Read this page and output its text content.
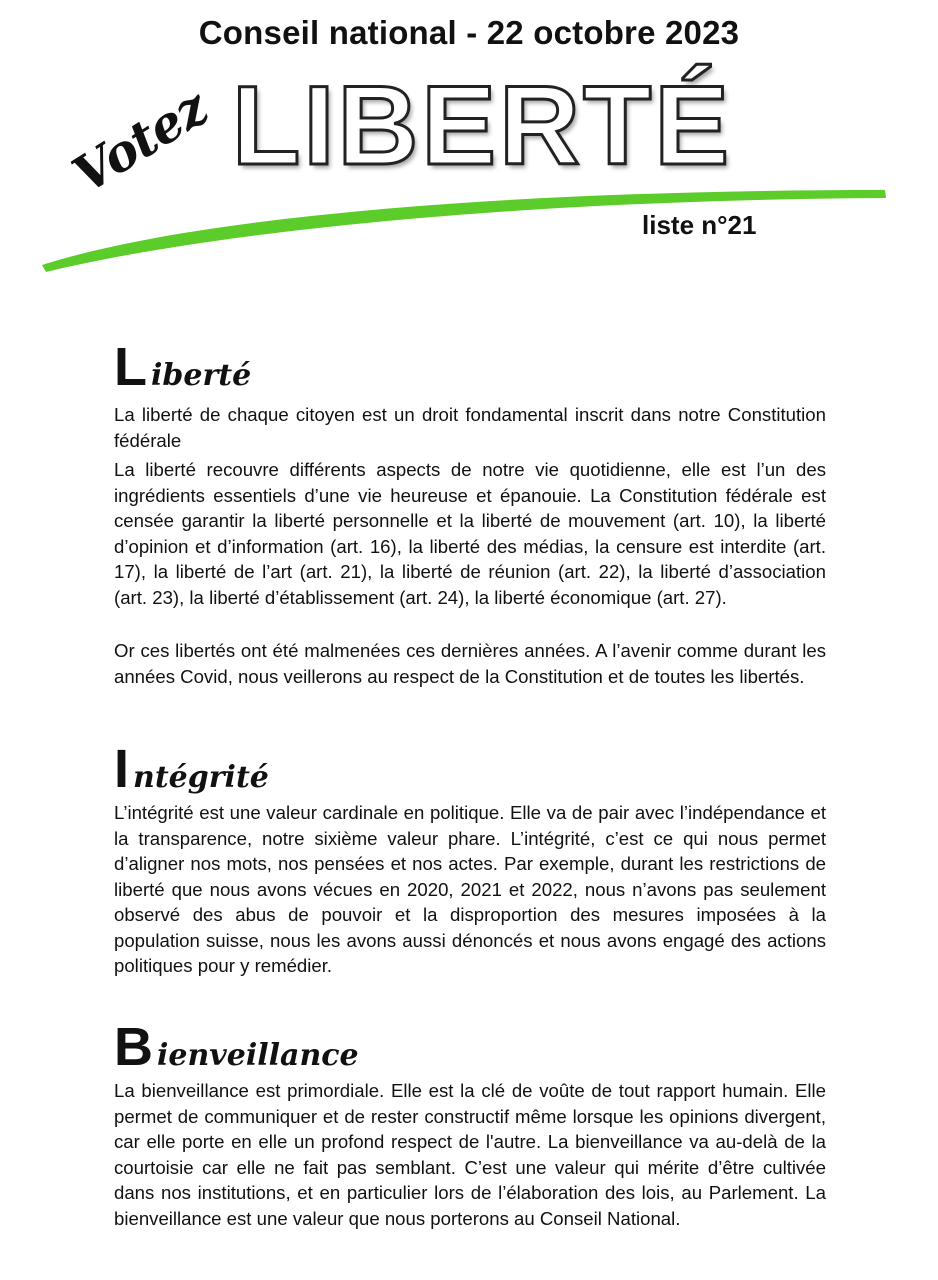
Conseil national - 22 octobre 2023
Votez LIBERTÉ
liste n°21
Liberté

La liberté de chaque citoyen est un droit fondamental inscrit dans notre Constitution fédérale

La liberté recouvre différents aspects de notre vie quotidienne, elle est l’un des ingrédients essentiels d’une vie heureuse et épanouie. La Constitution fédérale est censée garantir la liberté personnelle et la liberté de mouvement (art. 10), la liberté d’opinion et d’information (art. 16), la liberté des médias, la censure est interdite (art. 17), la liberté de l’art (art. 21), la liberté de réunion (art. 22), la liberté d’association (art. 23), la liberté d’établissement (art. 24), la liberté économique (art. 27).

Or ces libertés ont été malmenées ces dernières années. A l’avenir comme durant les années Covid, nous veillerons au respect de la Constitution et de toutes les libertés.

Intégrité

L’intégrité est une valeur cardinale en politique. Elle va de pair avec l’indépendance et la transparence, notre sixième valeur phare. L’intégrité, c’est ce qui nous permet d’aligner nos mots, nos pensées et nos actes. Par exemple, durant les restrictions de liberté que nous avons vécues en 2020, 2021 et 2022, nous n’avons pas seulement observé des abus de pouvoir et la disproportion des mesures imposées à la population suisse, nous les avons aussi dénoncés et nous avons engagé des actions politiques pour y remédier.

Bienveillance

La bienveillance est primordiale. Elle est la clé de voûte de tout rapport humain. Elle permet de communiquer et de rester constructif même lorsque les opinions divergent, car elle porte en elle un profond respect de l'autre. La bienveillance va au-delà de la courtoisie car elle ne fait pas semblant. C’est une valeur qui mérite d’être cultivée dans nos institutions, et en particulier lors de l’élaboration des lois, au Parlement. La bienveillance est une valeur que nous porterons au Conseil National.
